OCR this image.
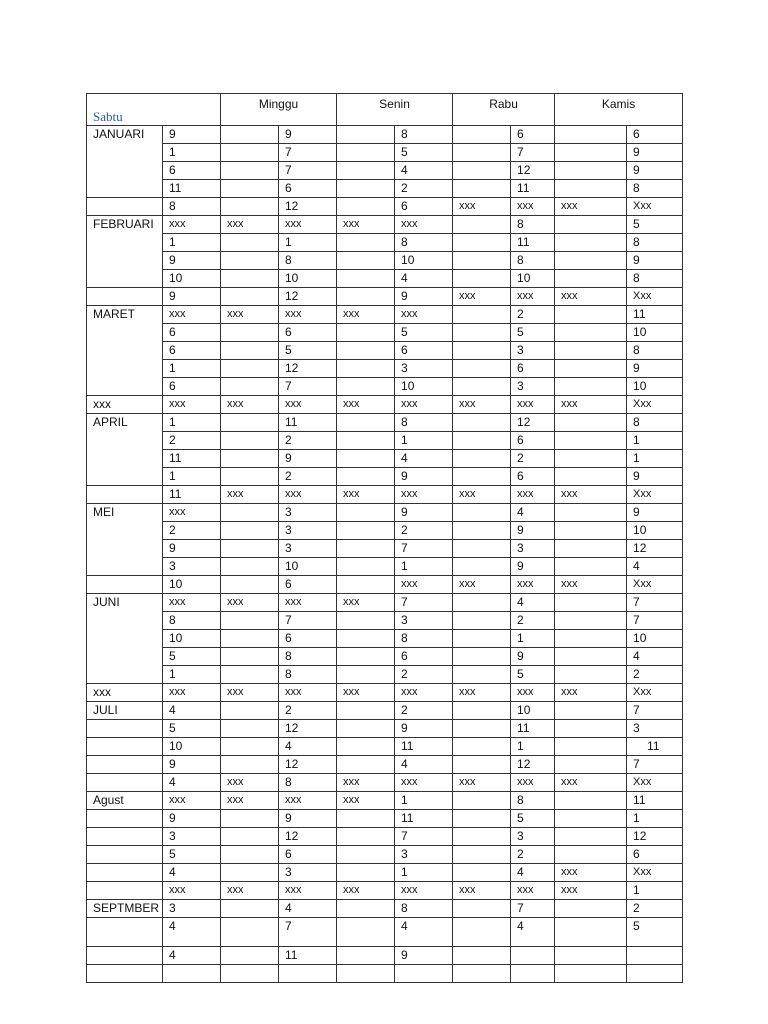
Sabtu		Minggu		Senin		Rabu		Kamis	
JANUARI	9		9		8		6		6
	1		7		5		7		9
	6		7		4		12		9
	11		6		2		11		8
	8		12		6	xxx	xxx	xxx	Xxx
FEBRUARI	xxx	xxx	xxx	xxx	xxx		8		5
	1		1		8		11		8
	9		8		10		8		9
	10		10		4		10		8
	9		12		9	xxx	xxx	xxx	Xxx
MARET	xxx	xxx	xxx	xxx	xxx		2		11
	6		6		5		5		10
	6		5		6		3		8
	1		12		3		6		9
	6		7		10		3		10
xxx	xxx	xxx	xxx	xxx	xxx	xxx	xxx	xxx	Xxx
APRIL	1		11		8		12		8
	2		2		1		6		1
	11		9		4		2		1
	1		2		9		6		9
	11	xxx	xxx	xxx	xxx	xxx	xxx	xxx	Xxx
MEI	xxx		3		9		4		9
	2		3		2		9		10
	9		3		7		3		12
	3		10		1		9		4
	10		6		xxx	xxx	xxx	xxx	Xxx
JUNI	xxx	xxx	xxx	xxx	7		4		7
	8		7		3		2		7
	10		6		8		1		10
	5		8		6		9		4
	1		8		2		5		2
xxx	xxx	xxx	xxx	xxx	xxx	xxx	xxx	xxx	Xxx
JULI	4		2		2		10		7
	5		12		9		11		3
	10		4		11		1		11
	9		12		4		12		7
	4	xxx	8	xxx	xxx	xxx	xxx	xxx	Xxx
Agust	xxx	xxx	xxx	xxx	1		8		11
	9		9		11		5		1
	3		12		7		3		12
	5		6		3		2		6
	4		3		1		4	xxx	Xxx
	xxx	xxx	xxx	xxx	xxx	xxx	xxx	xxx	1
SEPTMBER	3		4		8		7		2
	4		7		4		4		5
	4		11		9				
